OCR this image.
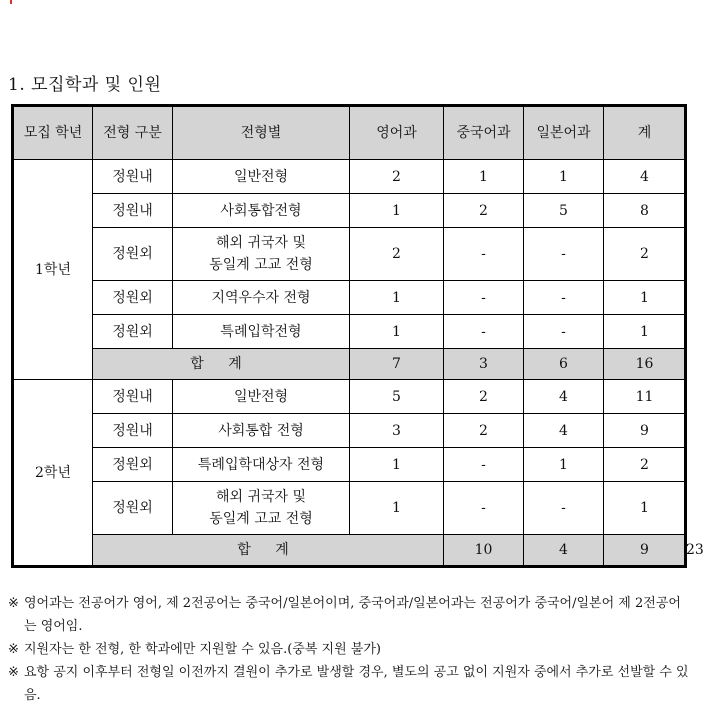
1. 모집학과 및 인원
모집 학년	전형 구분	전형별	영어과	중국어과	일본어과	계	
1학년	정원내	일반전형	2	1	1	4	
	정원내	사회통합전형	1	2	5	8	
	정원외	해외 귀국자 및
동일계 고교 전형	2	-	-	2	
	정원외	지역우수자 전형	1	-	-	1	
	정원외	특례입학전형	1	-	-	1	
	합 계		7	3	6	16	
2학년	정원내	일반전형	5	2	4	11	
	정원내	사회통합 전형	3	2	4	9	
	정원외	특례입학대상자 전형	1	-	1	2	
	정원외	해외 귀국자 및
동일계 고교 전형	1	-	-	1	
	합 계			10	4	9	23
※ 영어과는 전공어가 영어, 제 2전공어는 중국어/일본어이며, 중국어과/일본어과는 전공어가 중국어/일본어 제 2전공어는 영어임.
※ 지원자는 한 전형, 한 학과에만 지원할 수 있음.(중복 지원 불가)
※ 요항 공지 이후부터 전형일 이전까지 결원이 추가로 발생할 경우, 별도의 공고 없이 지원자 중에서 추가로 선발할 수 있음.
